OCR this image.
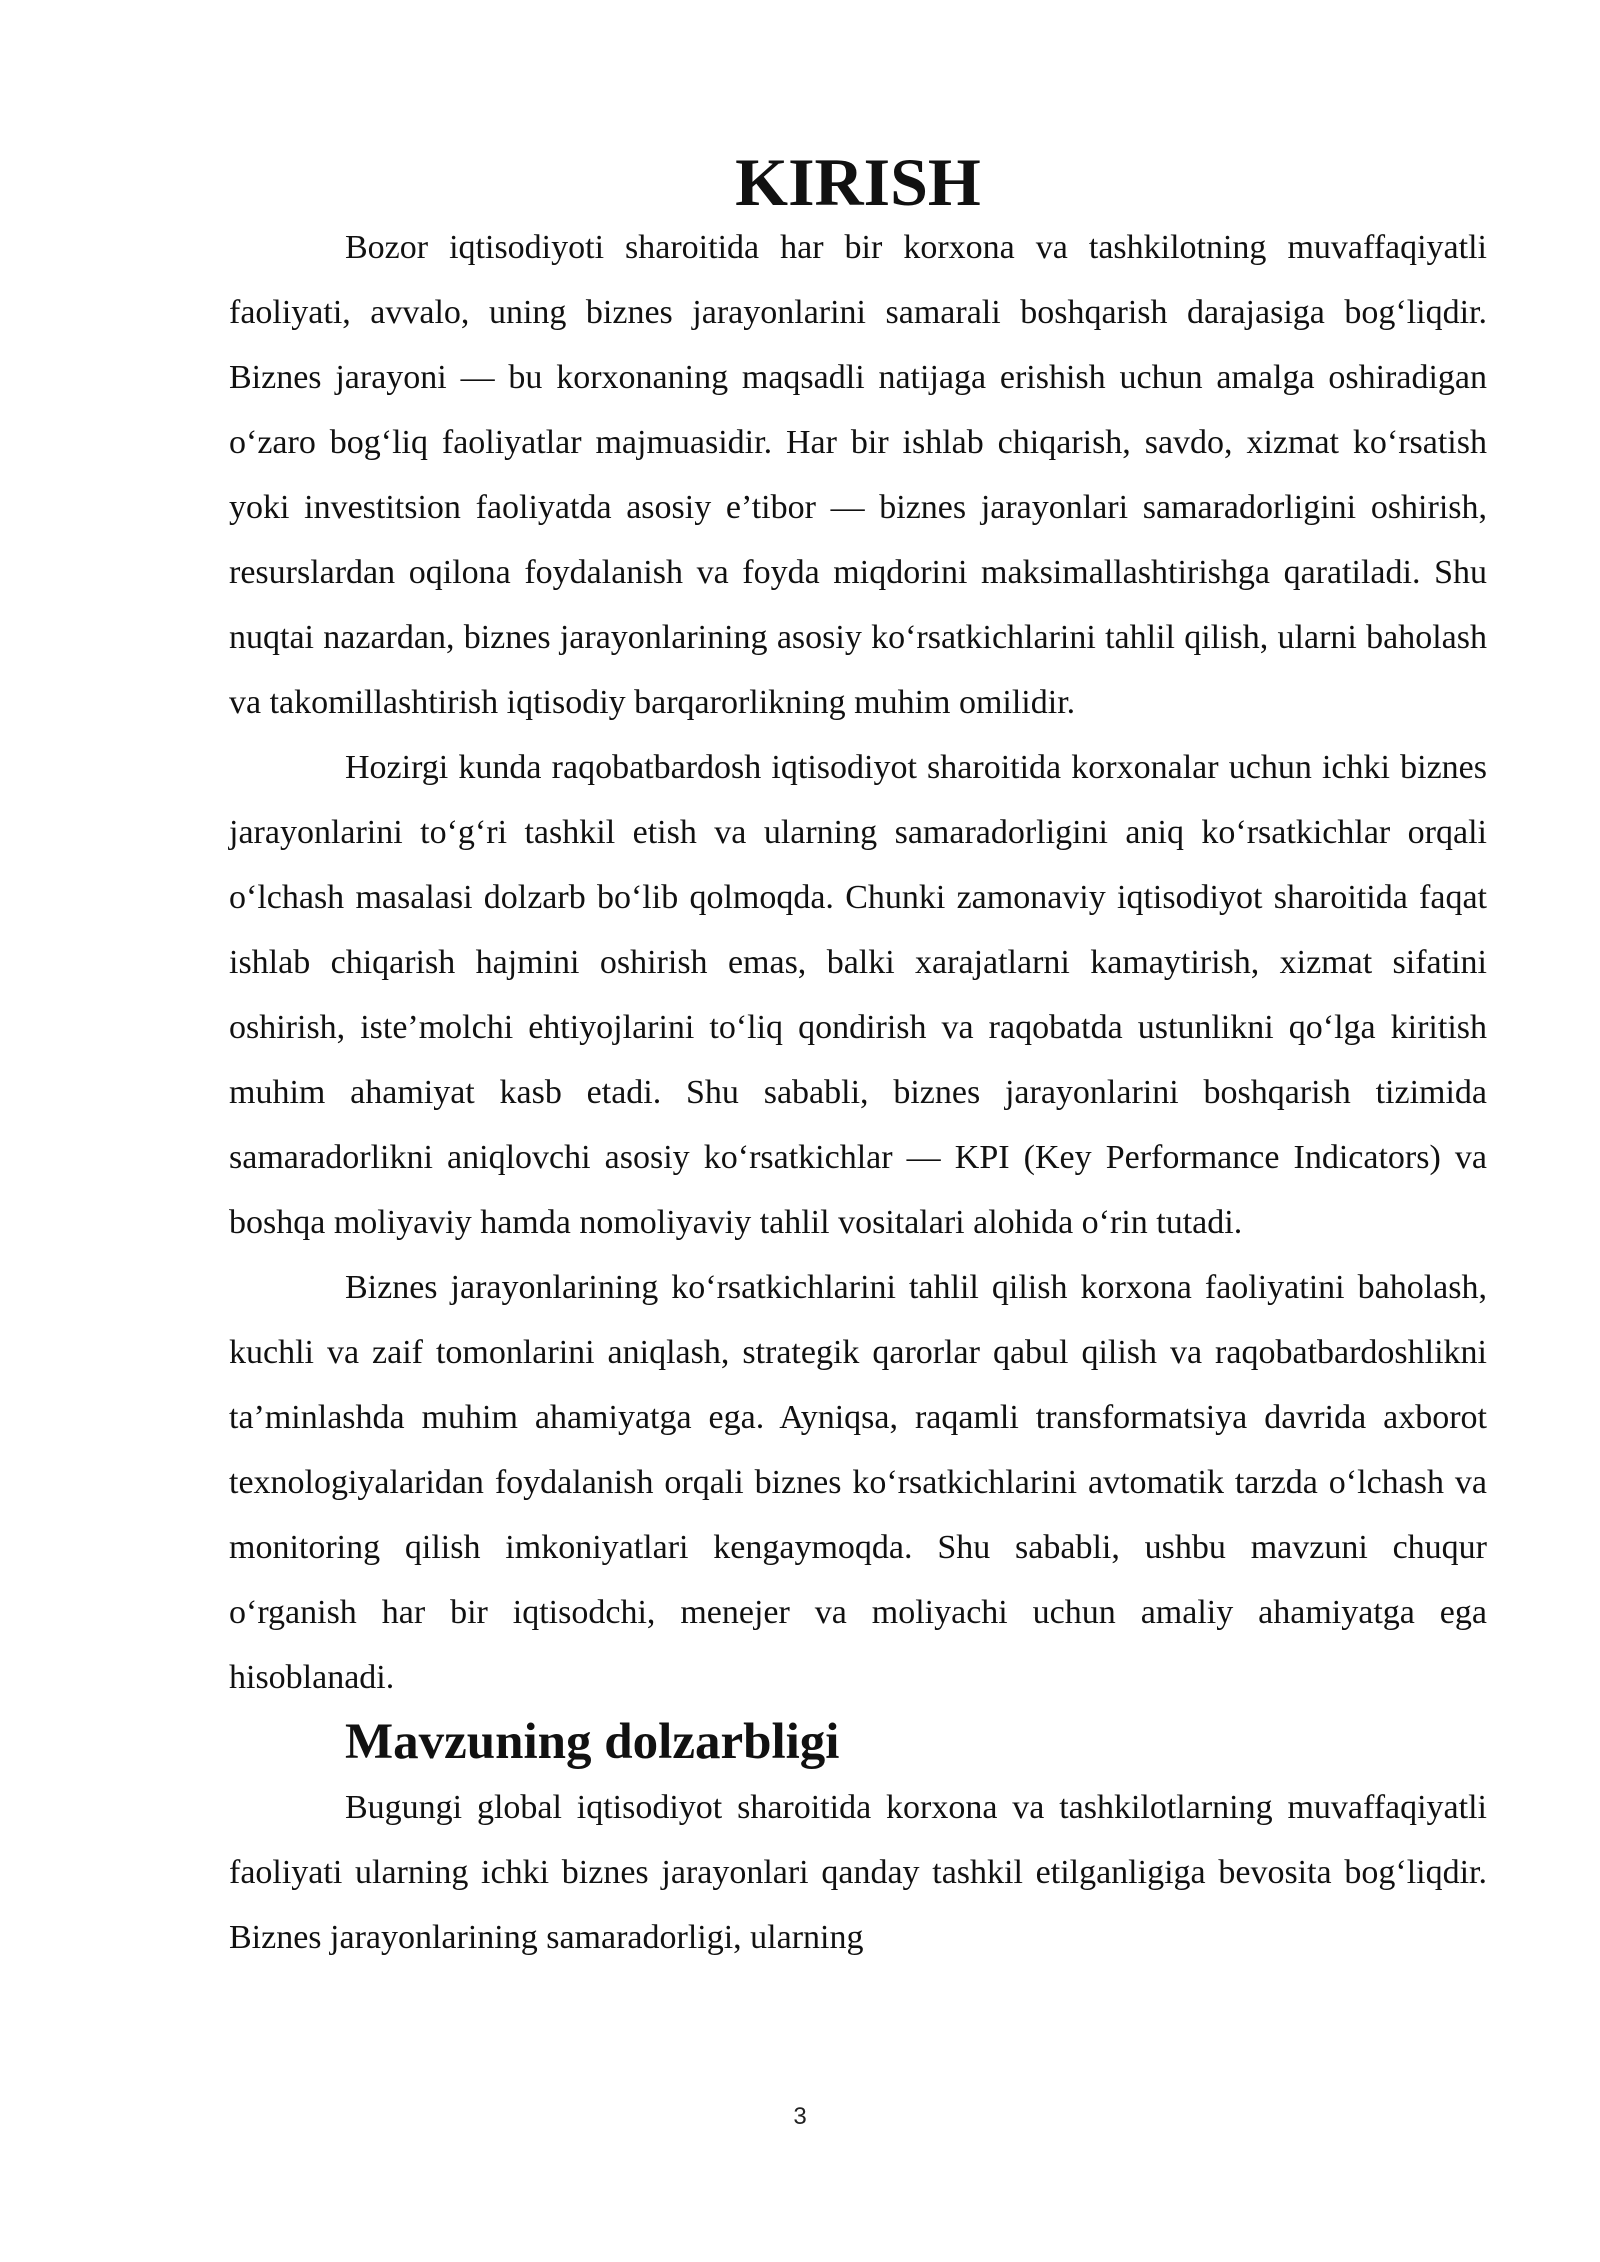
KIRISH

Bozor iqtisodiyoti sharoitida har bir korxona va tashkilotning muvaffaqiyatli faoliyati, avvalo, uning biznes jarayonlarini samarali boshqarish darajasiga bog‘liqdir. Biznes jarayoni — bu korxonaning maqsadli natijaga erishish uchun amalga oshiradigan o‘zaro bog‘liq faoliyatlar majmuasidir. Har bir ishlab chiqarish, savdo, xizmat ko‘rsatish yoki investitsion faoliyatda asosiy e’tibor — biznes jarayonlari samaradorligini oshirish, resurslardan oqilona foydalanish va foyda miqdorini maksimallashtirishga qaratiladi. Shu nuqtai nazardan, biznes jarayonlarining asosiy ko‘rsatkichlarini tahlil qilish, ularni baholash va takomillashtirish iqtisodiy barqarorlikning muhim omilidir.

Hozirgi kunda raqobatbardosh iqtisodiyot sharoitida korxonalar uchun ichki biznes jarayonlarini to‘g‘ri tashkil etish va ularning samaradorligini aniq ko‘rsatkichlar orqali o‘lchash masalasi dolzarb bo‘lib qolmoqda. Chunki zamonaviy iqtisodiyot sharoitida faqat ishlab chiqarish hajmini oshirish emas, balki xarajatlarni kamaytirish, xizmat sifatini oshirish, iste’molchi ehtiyojlarini to‘liq qondirish va raqobatda ustunlikni qo‘lga kiritish muhim ahamiyat kasb etadi. Shu sababli, biznes jarayonlarini boshqarish tizimida samaradorlikni aniqlovchi asosiy ko‘rsatkichlar — KPI (Key Performance Indicators) va boshqa moliyaviy hamda nomoliyaviy tahlil vositalari alohida o‘rin tutadi.

Biznes jarayonlarining ko‘rsatkichlarini tahlil qilish korxona faoliyatini baholash, kuchli va zaif tomonlarini aniqlash, strategik qarorlar qabul qilish va raqobatbardoshlikni ta’minlashda muhim ahamiyatga ega. Ayniqsa, raqamli transformatsiya davrida axborot texnologiyalaridan foydalanish orqali biznes ko‘rsatkichlarini avtomatik tarzda o‘lchash va monitoring qilish imkoniyatlari kengaymoqda. Shu sababli, ushbu mavzuni chuqur o‘rganish har bir iqtisodchi, menejer va moliyachi uchun amaliy ahamiyatga ega hisoblanadi.

Mavzuning dolzarbligi

Bugungi global iqtisodiyot sharoitida korxona va tashkilotlarning muvaffaqiyatli faoliyati ularning ichki biznes jarayonlari qanday tashkil etilganligiga bevosita bog‘liqdir. Biznes jarayonlarining samaradorligi, ularning

3
